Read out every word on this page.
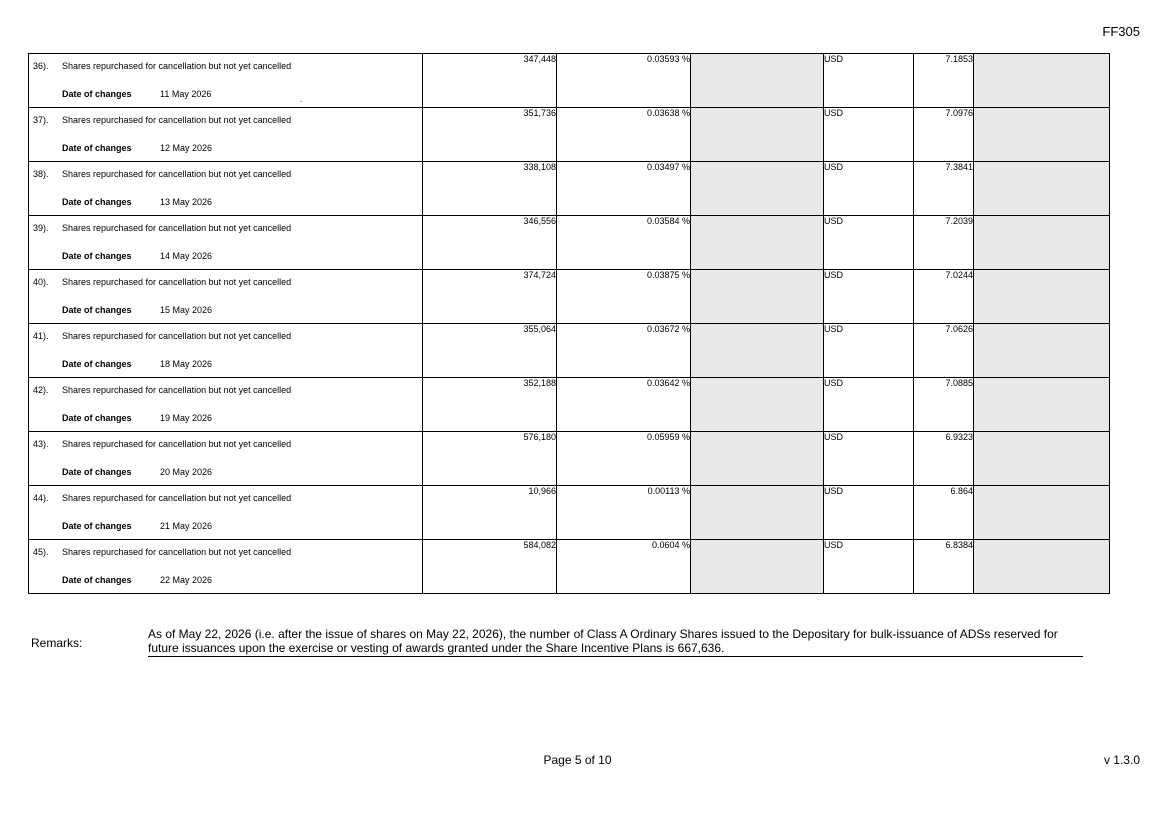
FF305
36). Shares repurchased for cancellation but not yet cancelled
Date of changes 11 May 2026
.	347,448	0.03593 %		USD	7.1853	

37). Shares repurchased for cancellation but not yet cancelled
Date of changes 12 May 2026	351,736	0.03638 %		USD	7.0976	

38). Shares repurchased for cancellation but not yet cancelled
Date of changes 13 May 2026	338,108	0.03497 %		USD	7.3841	

39). Shares repurchased for cancellation but not yet cancelled
Date of changes 14 May 2026	346,556	0.03584 %		USD	7.2039	

40). Shares repurchased for cancellation but not yet cancelled
Date of changes 15 May 2026	374,724	0.03875 %		USD	7.0244	

41). Shares repurchased for cancellation but not yet cancelled
Date of changes 18 May 2026	355,064	0.03672 %		USD	7.0626	

42). Shares repurchased for cancellation but not yet cancelled
Date of changes 19 May 2026	352,188	0.03642 %		USD	7.0885	

43). Shares repurchased for cancellation but not yet cancelled
Date of changes 20 May 2026	576,180	0.05959 %		USD	6.9323	

44). Shares repurchased for cancellation but not yet cancelled
Date of changes 21 May 2026	10,966	0.00113 %		USD	6.864	

45). Shares repurchased for cancellation but not yet cancelled
Date of changes 22 May 2026	584,082	0.0604 %		USD	6.8384	
Remarks:
As of May 22, 2026 (i.e. after the issue of shares on May 22, 2026), the number of Class A Ordinary Shares issued to the Depositary for bulk-issuance of ADSs reserved for future issuances upon the exercise or vesting of awards granted under the Share Incentive Plans is 667,636.
Page 5 of 10	v 1.3.0
